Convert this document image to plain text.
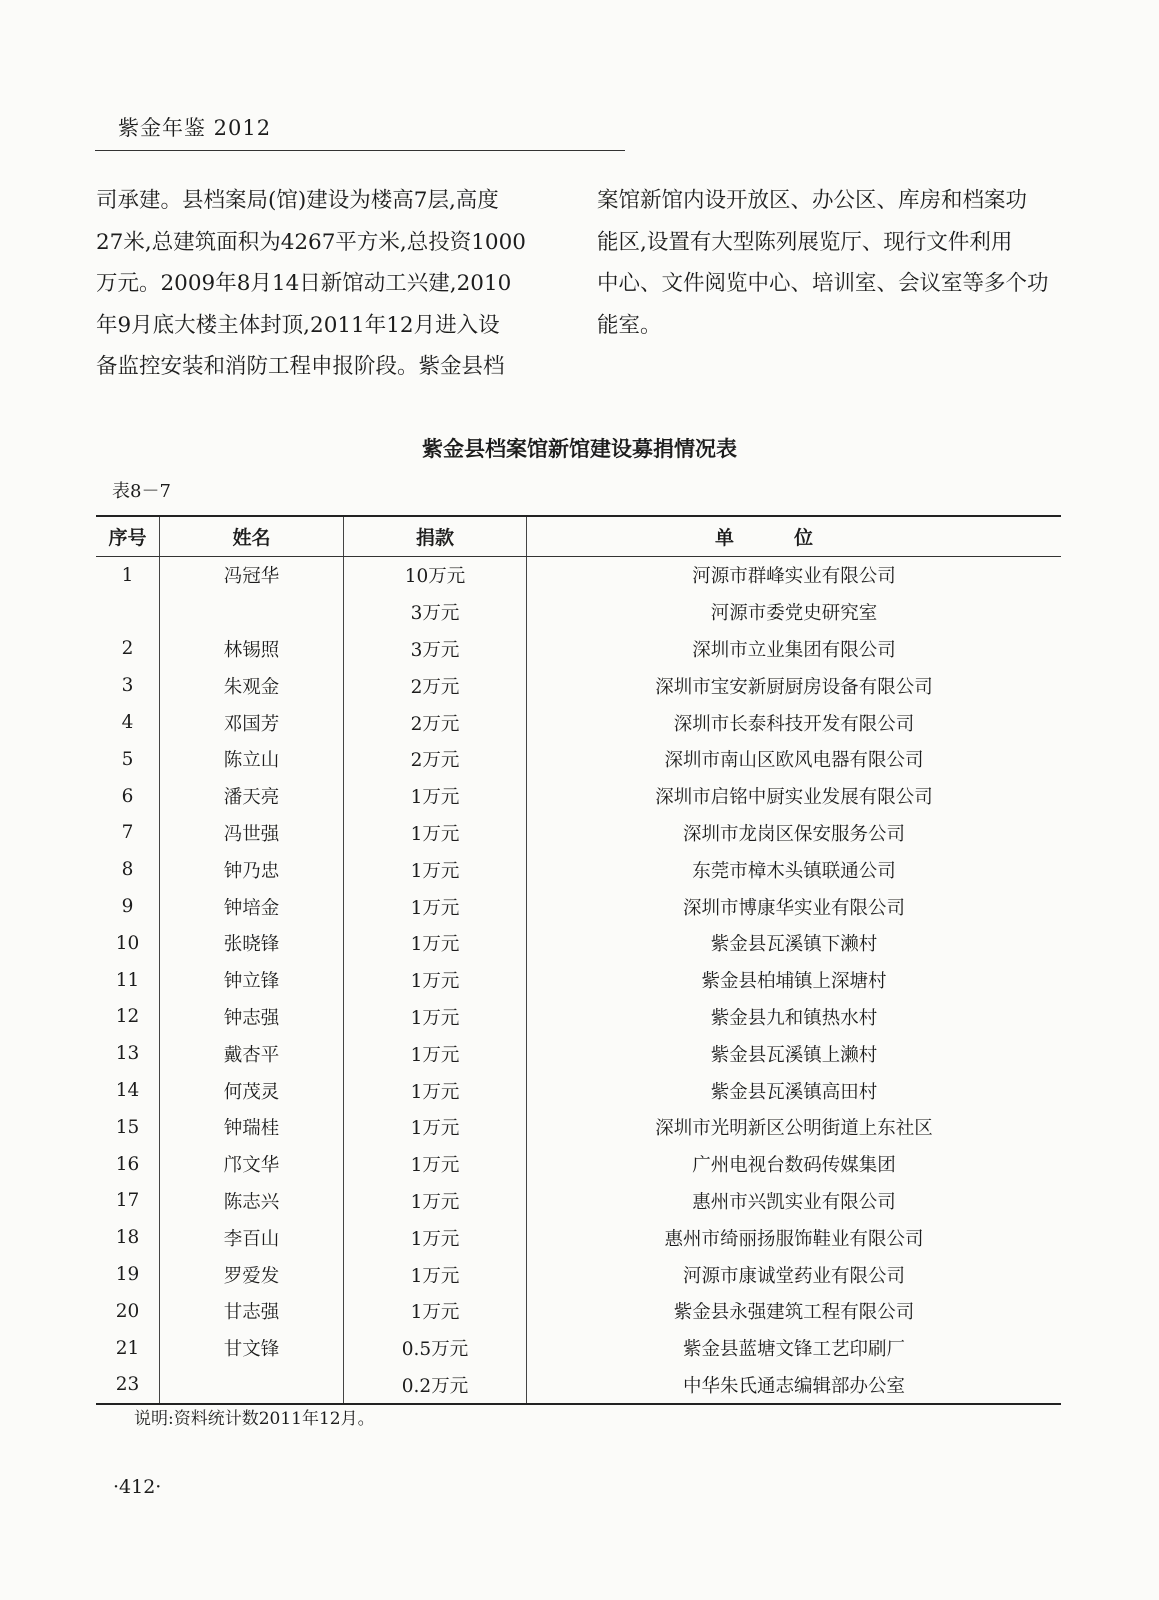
紫金年鉴 2012

司承建。县档案局(馆)建设为楼高7层,高度

27米,总建筑面积为4267平方米,总投资1000

万元。2009年8月14日新馆动工兴建,2010

年9月底大楼主体封顶,2011年12月进入设

备监控安装和消防工程申报阶段。紫金县档

案馆新馆内设开放区、办公区、库房和档案功

能区,设置有大型陈列展览厅、现行文件利用

中心、文件阅览中心、培训室、会议室等多个功

能室。

紫金县档案馆新馆建设募捐情况表
表8－7
序号	姓名	捐款	单位
1	冯冠华	10万元	河源市群峰实业有限公司
		3万元	河源市委党史研究室
2	林锡照	3万元	深圳市立业集团有限公司
3	朱观金	2万元	深圳市宝安新厨厨房设备有限公司
4	邓国芳	2万元	深圳市长泰科技开发有限公司
5	陈立山	2万元	深圳市南山区欧风电器有限公司
6	潘天亮	1万元	深圳市启铭中厨实业发展有限公司
7	冯世强	1万元	深圳市龙岗区保安服务公司
8	钟乃忠	1万元	东莞市樟木头镇联通公司
9	钟培金	1万元	深圳市博康华实业有限公司
10	张晓锋	1万元	紫金县瓦溪镇下濑村
11	钟立锋	1万元	紫金县柏埔镇上深塘村
12	钟志强	1万元	紫金县九和镇热水村
13	戴杏平	1万元	紫金县瓦溪镇上濑村
14	何茂灵	1万元	紫金县瓦溪镇高田村
15	钟瑞桂	1万元	深圳市光明新区公明街道上东社区
16	邝文华	1万元	广州电视台数码传媒集团
17	陈志兴	1万元	惠州市兴凯实业有限公司
18	李百山	1万元	惠州市绮丽扬服饰鞋业有限公司
19	罗爱发	1万元	河源市康诚堂药业有限公司
20	甘志强	1万元	紫金县永强建筑工程有限公司
21	甘文锋	0.5万元	紫金县蓝塘文锋工艺印刷厂
23		0.2万元	中华朱氏通志编辑部办公室
说明:资料统计数2011年12月。
·412·
